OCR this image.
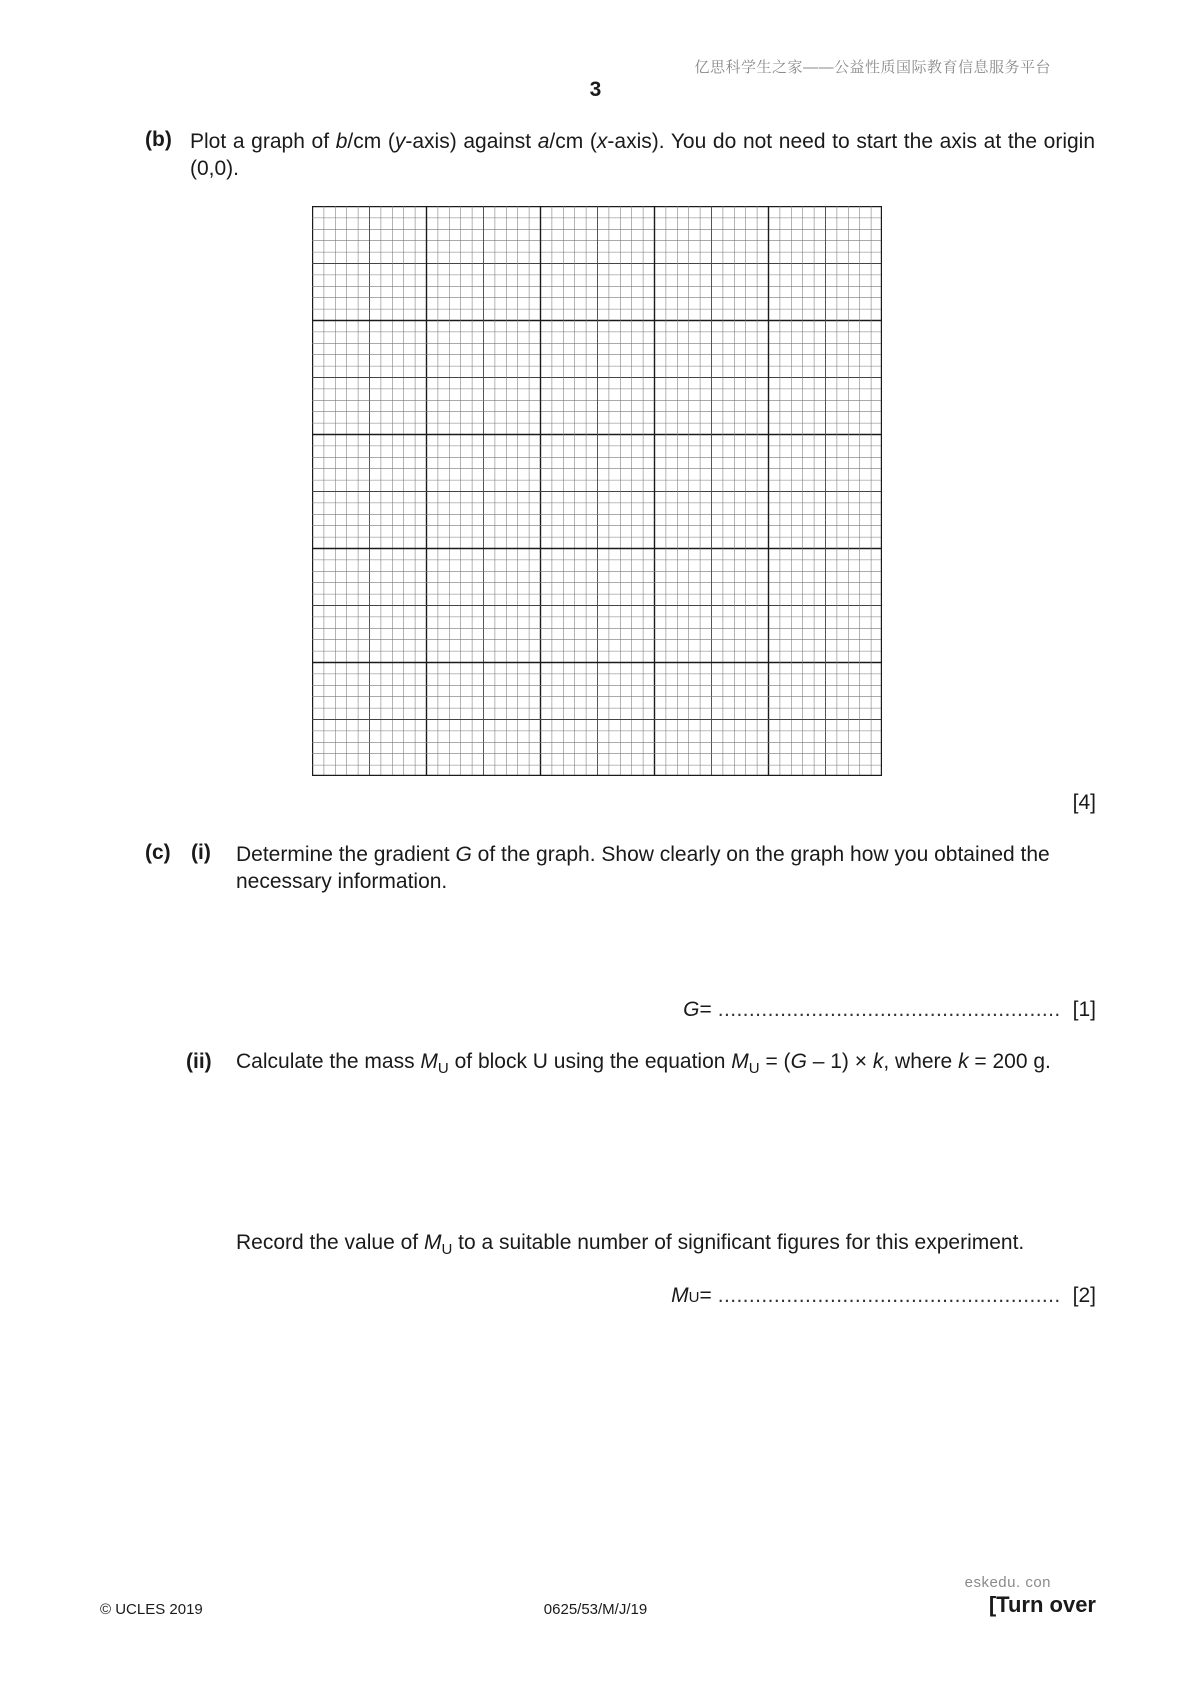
亿思科学生之家——公益性质国际教育信息服务平台
3
(b) Plot a graph of b/cm (y-axis) against a/cm (x-axis). You do not need to start the axis at the origin (0,0).
[4]
(c) (i) Determine the gradient G of the graph. Show clearly on the graph how you obtained the necessary information.
G = ....................................................... [1]
(ii) Calculate the mass $M_U$ of block U using the equation $M_U = (G - 1) \times k$, where k = 200 g.
Record the value of $M_U$ to a suitable number of significant figures for this experiment.
M U = ....................................................... [2]
eskedu. con
© UCLES 2019	0625/53/M/J/19	[Turn over
